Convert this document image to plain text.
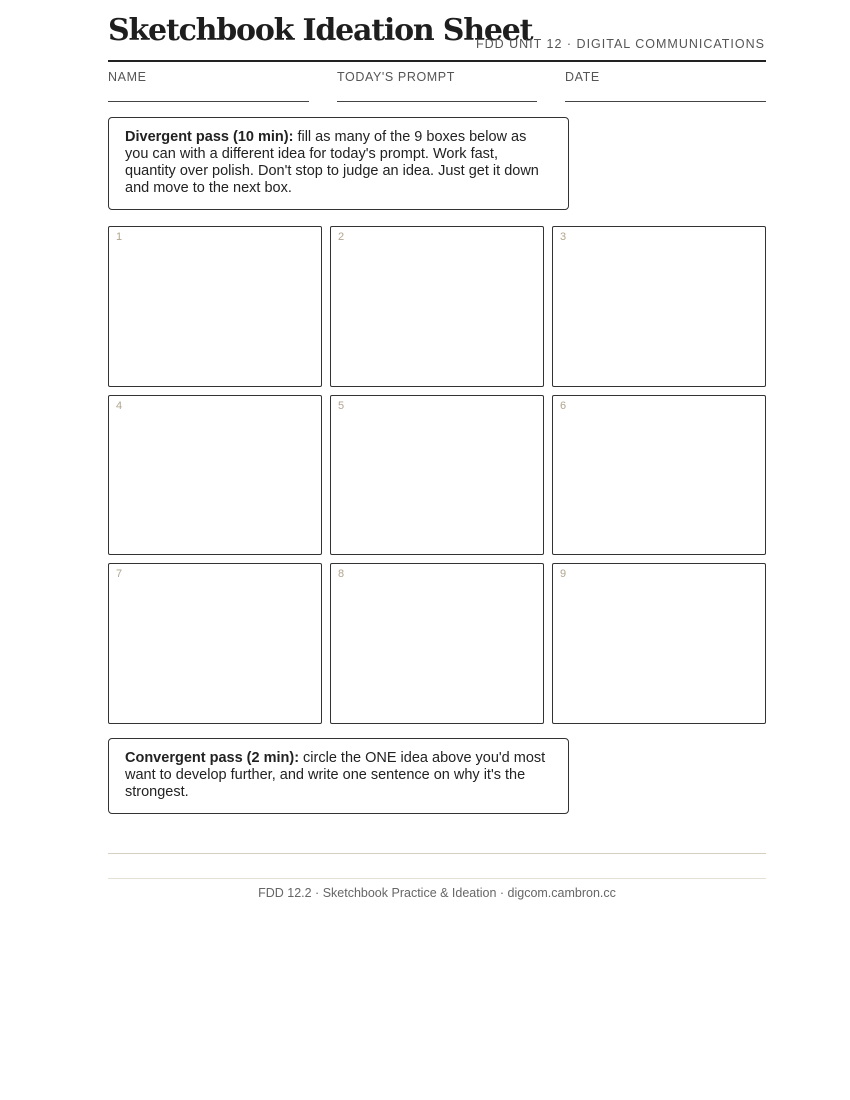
Sketchbook Ideation Sheet
FDD UNIT 12 · DIGITAL COMMUNICATIONS
NAME	TODAY'S PROMPT	DATE
Divergent pass (10 min): fill as many of the 9 boxes below as you can with a different idea for today's prompt. Work fast, quantity over polish. Don't stop to judge an idea. Just get it down and move to the next box.
1	2	3
4	5	6
7	8	9
Convergent pass (2 min): circle the ONE idea above you'd most want to develop further, and write one sentence on why it's the strongest.
FDD 12.2 · Sketchbook Practice & Ideation · digcom.cambron.cc
